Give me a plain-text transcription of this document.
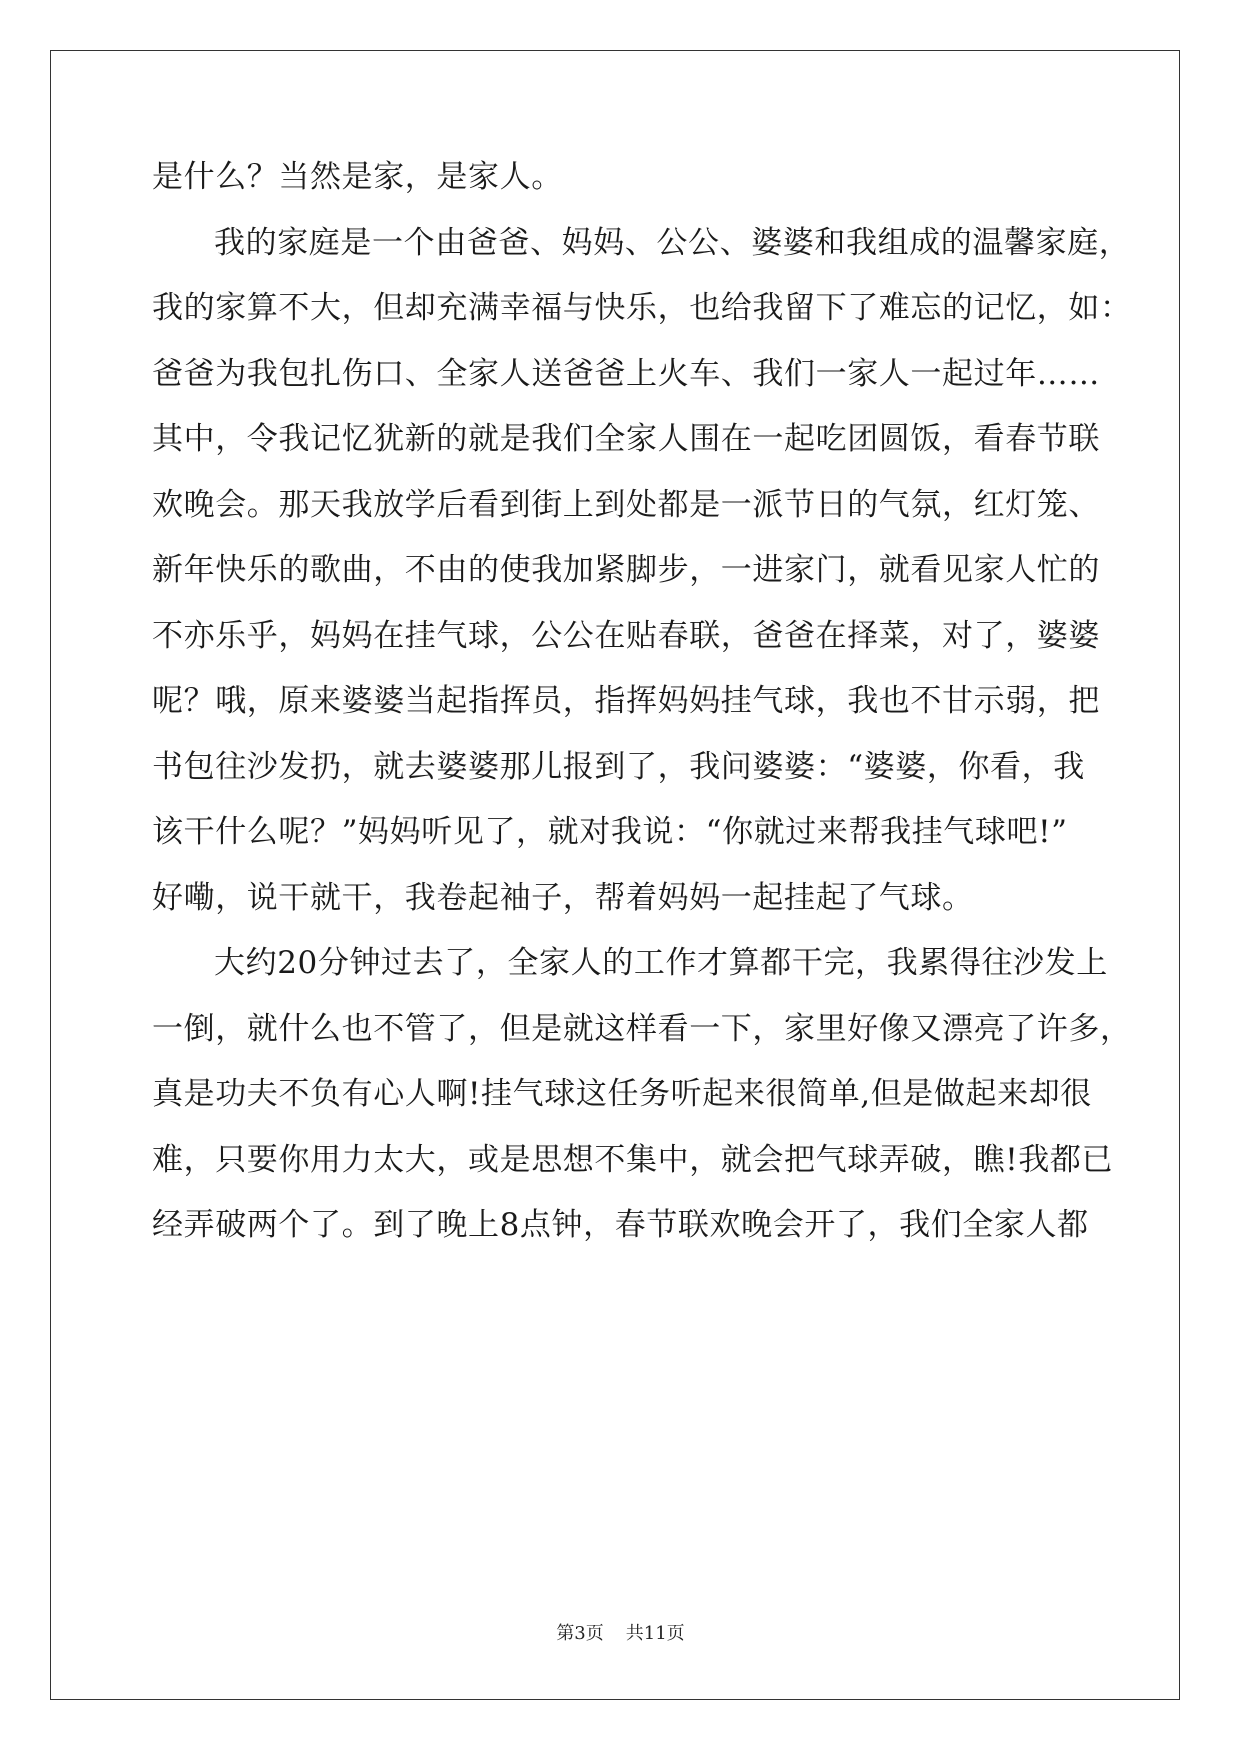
是什么？当然是家，是家人。
我的家庭是一个由爸爸、妈妈、公公、婆婆和我组成的温馨家庭，
我的家算不大，但却充满幸福与快乐，也给我留下了难忘的记忆，如：
爸爸为我包扎伤口、全家人送爸爸上火车、我们一家人一起过年……
其中，令我记忆犹新的就是我们全家人围在一起吃团圆饭，看春节联
欢晚会。那天我放学后看到街上到处都是一派节日的气氛，红灯笼、
新年快乐的歌曲，不由的使我加紧脚步，一进家门，就看见家人忙的
不亦乐乎，妈妈在挂气球，公公在贴春联，爸爸在择菜，对了，婆婆
呢？哦，原来婆婆当起指挥员，指挥妈妈挂气球，我也不甘示弱，把
书包往沙发扔，就去婆婆那儿报到了，我问婆婆：“婆婆，你看，我
该干什么呢？”妈妈听见了，就对我说：“你就过来帮我挂气球吧!”
好嘞，说干就干，我卷起袖子，帮着妈妈一起挂起了气球。
大约20分钟过去了，全家人的工作才算都干完，我累得往沙发上
一倒，就什么也不管了，但是就这样看一下，家里好像又漂亮了许多，
真是功夫不负有心人啊!挂气球这任务听起来很简单,但是做起来却很
难，只要你用力太大，或是思想不集中，就会把气球弄破，瞧!我都已
经弄破两个了。到了晚上8点钟，春节联欢晚会开了，我们全家人都
第3页 共11页
